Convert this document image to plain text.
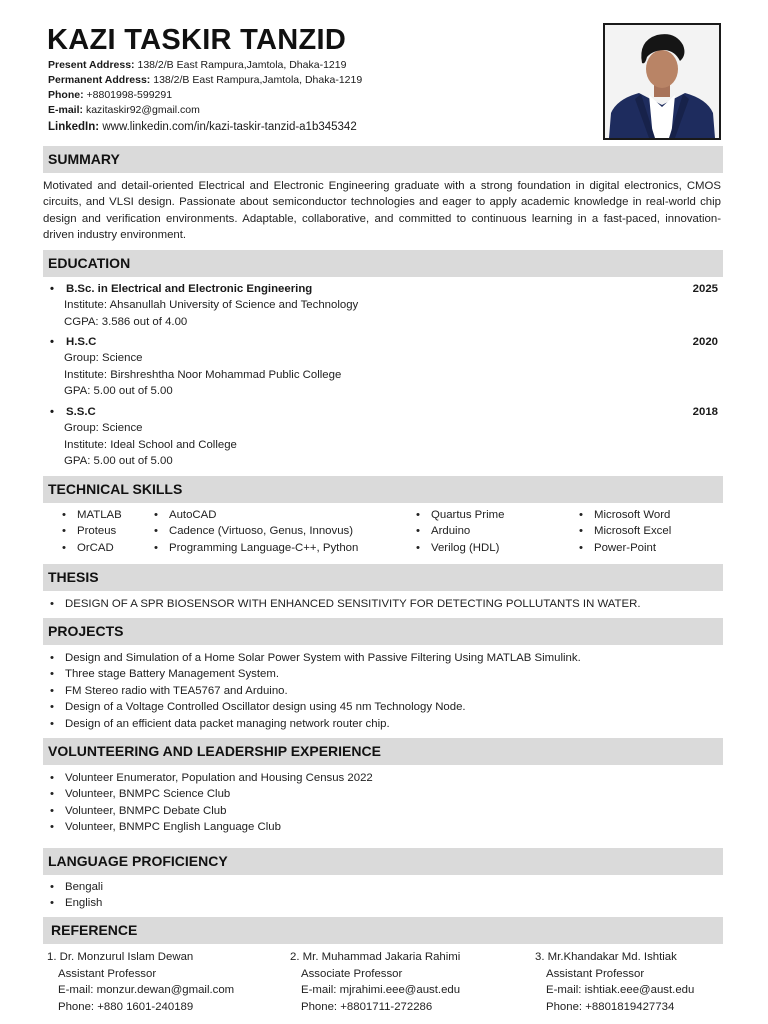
KAZI TASKIR TANZID
Present Address: 138/2/B East Rampura,Jamtola, Dhaka-1219
Permanent Address: 138/2/B East Rampura,Jamtola, Dhaka-1219
Phone: +8801998-599291
E-mail: kazitaskir92@gmail.com
LinkedIn: www.linkedin.com/in/kazi-taskir-tanzid-a1b345342
SUMMARY
Motivated and detail-oriented Electrical and Electronic Engineering graduate with a strong foundation in digital electronics, CMOS circuits, and VLSI design. Passionate about semiconductor technologies and eager to apply academic knowledge in real-world chip design and verification environments. Adaptable, collaborative, and committed to continuous learning in a fast-paced, innovation-driven industry environment.
EDUCATION
• B.Sc. in Electrical and Electronic Engineering	2025
Institute: Ahsanullah University of Science and Technology
CGPA: 3.586 out of 4.00
• H.S.C	2020
Group: Science
Institute: Birshreshtha Noor Mohammad Public College
GPA: 5.00 out of 5.00
• S.S.C	2018
Group: Science
Institute: Ideal School and College
GPA: 5.00 out of 5.00
TECHNICAL SKILLS
• MATLAB
• Proteus
• OrCAD
• AutoCAD
• Cadence (Virtuoso, Genus, Innovus)
• Programming Language-C++, Python
• Quartus Prime
• Arduino
• Verilog (HDL)
• Microsoft Word
• Microsoft Excel
• Power-Point
THESIS
• DESIGN OF A SPR BIOSENSOR WITH ENHANCED SENSITIVITY FOR DETECTING POLLUTANTS IN WATER.
PROJECTS
• Design and Simulation of a Home Solar Power System with Passive Filtering Using MATLAB Simulink.
• Three stage Battery Management System.
• FM Stereo radio with TEA5767 and Arduino.
• Design of a Voltage Controlled Oscillator design using 45 nm Technology Node.
• Design of an efficient data packet managing network router chip.
VOLUNTEERING AND LEADERSHIP EXPERIENCE
• Volunteer Enumerator, Population and Housing Census 2022
• Volunteer, BNMPC Science Club
• Volunteer, BNMPC Debate Club
• Volunteer, BNMPC English Language Club
LANGUAGE PROFICIENCY
• Bengali
• English
REFERENCE
1. Dr. Monzurul Islam Dewan
Assistant Professor
E-mail: monzur.dewan@gmail.com
Phone: +880 1601-240189
2. Mr. Muhammad Jakaria Rahimi
Associate Professor
E-mail: mjrahimi.eee@aust.edu
Phone: +8801711-272286
3. Mr.Khandakar Md. Ishtiak
Assistant Professor
E-mail: ishtiak.eee@aust.edu
Phone: +8801819427734
